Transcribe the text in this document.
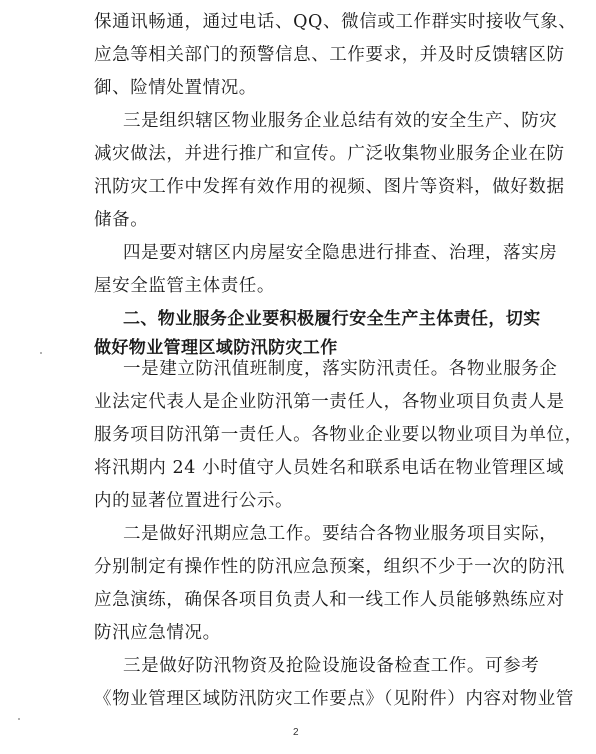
保通讯畅通，通过电话、QQ、微信或工作群实时接收气象、
应急等相关部门的预警信息、工作要求，并及时反馈辖区防
御、险情处置情况。
三是组织辖区物业服务企业总结有效的安全生产、防灾
减灾做法，并进行推广和宣传。广泛收集物业服务企业在防
汛防灾工作中发挥有效作用的视频、图片等资料，做好数据
储备。
四是要对辖区内房屋安全隐患进行排查、治理，落实房
屋安全监管主体责任。
二、物业服务企业要积极履行安全生产主体责任，切实
做好物业管理区域防汛防灾工作
一是建立防汛值班制度，落实防汛责任。各物业服务企
业法定代表人是企业防汛第一责任人，各物业项目负责人是
服务项目防汛第一责任人。各物业企业要以物业项目为单位，
将汛期内 24 小时值守人员姓名和联系电话在物业管理区域
内的显著位置进行公示。
二是做好汛期应急工作。要结合各物业服务项目实际，
分别制定有操作性的防汛应急预案，组织不少于一次的防汛
应急演练，确保各项目负责人和一线工作人员能够熟练应对
防汛应急情况。
三是做好防汛物资及抢险设施设备检查工作。可参考
《物业管理区域防汛防灾工作要点》（见附件）内容对物业管
2
